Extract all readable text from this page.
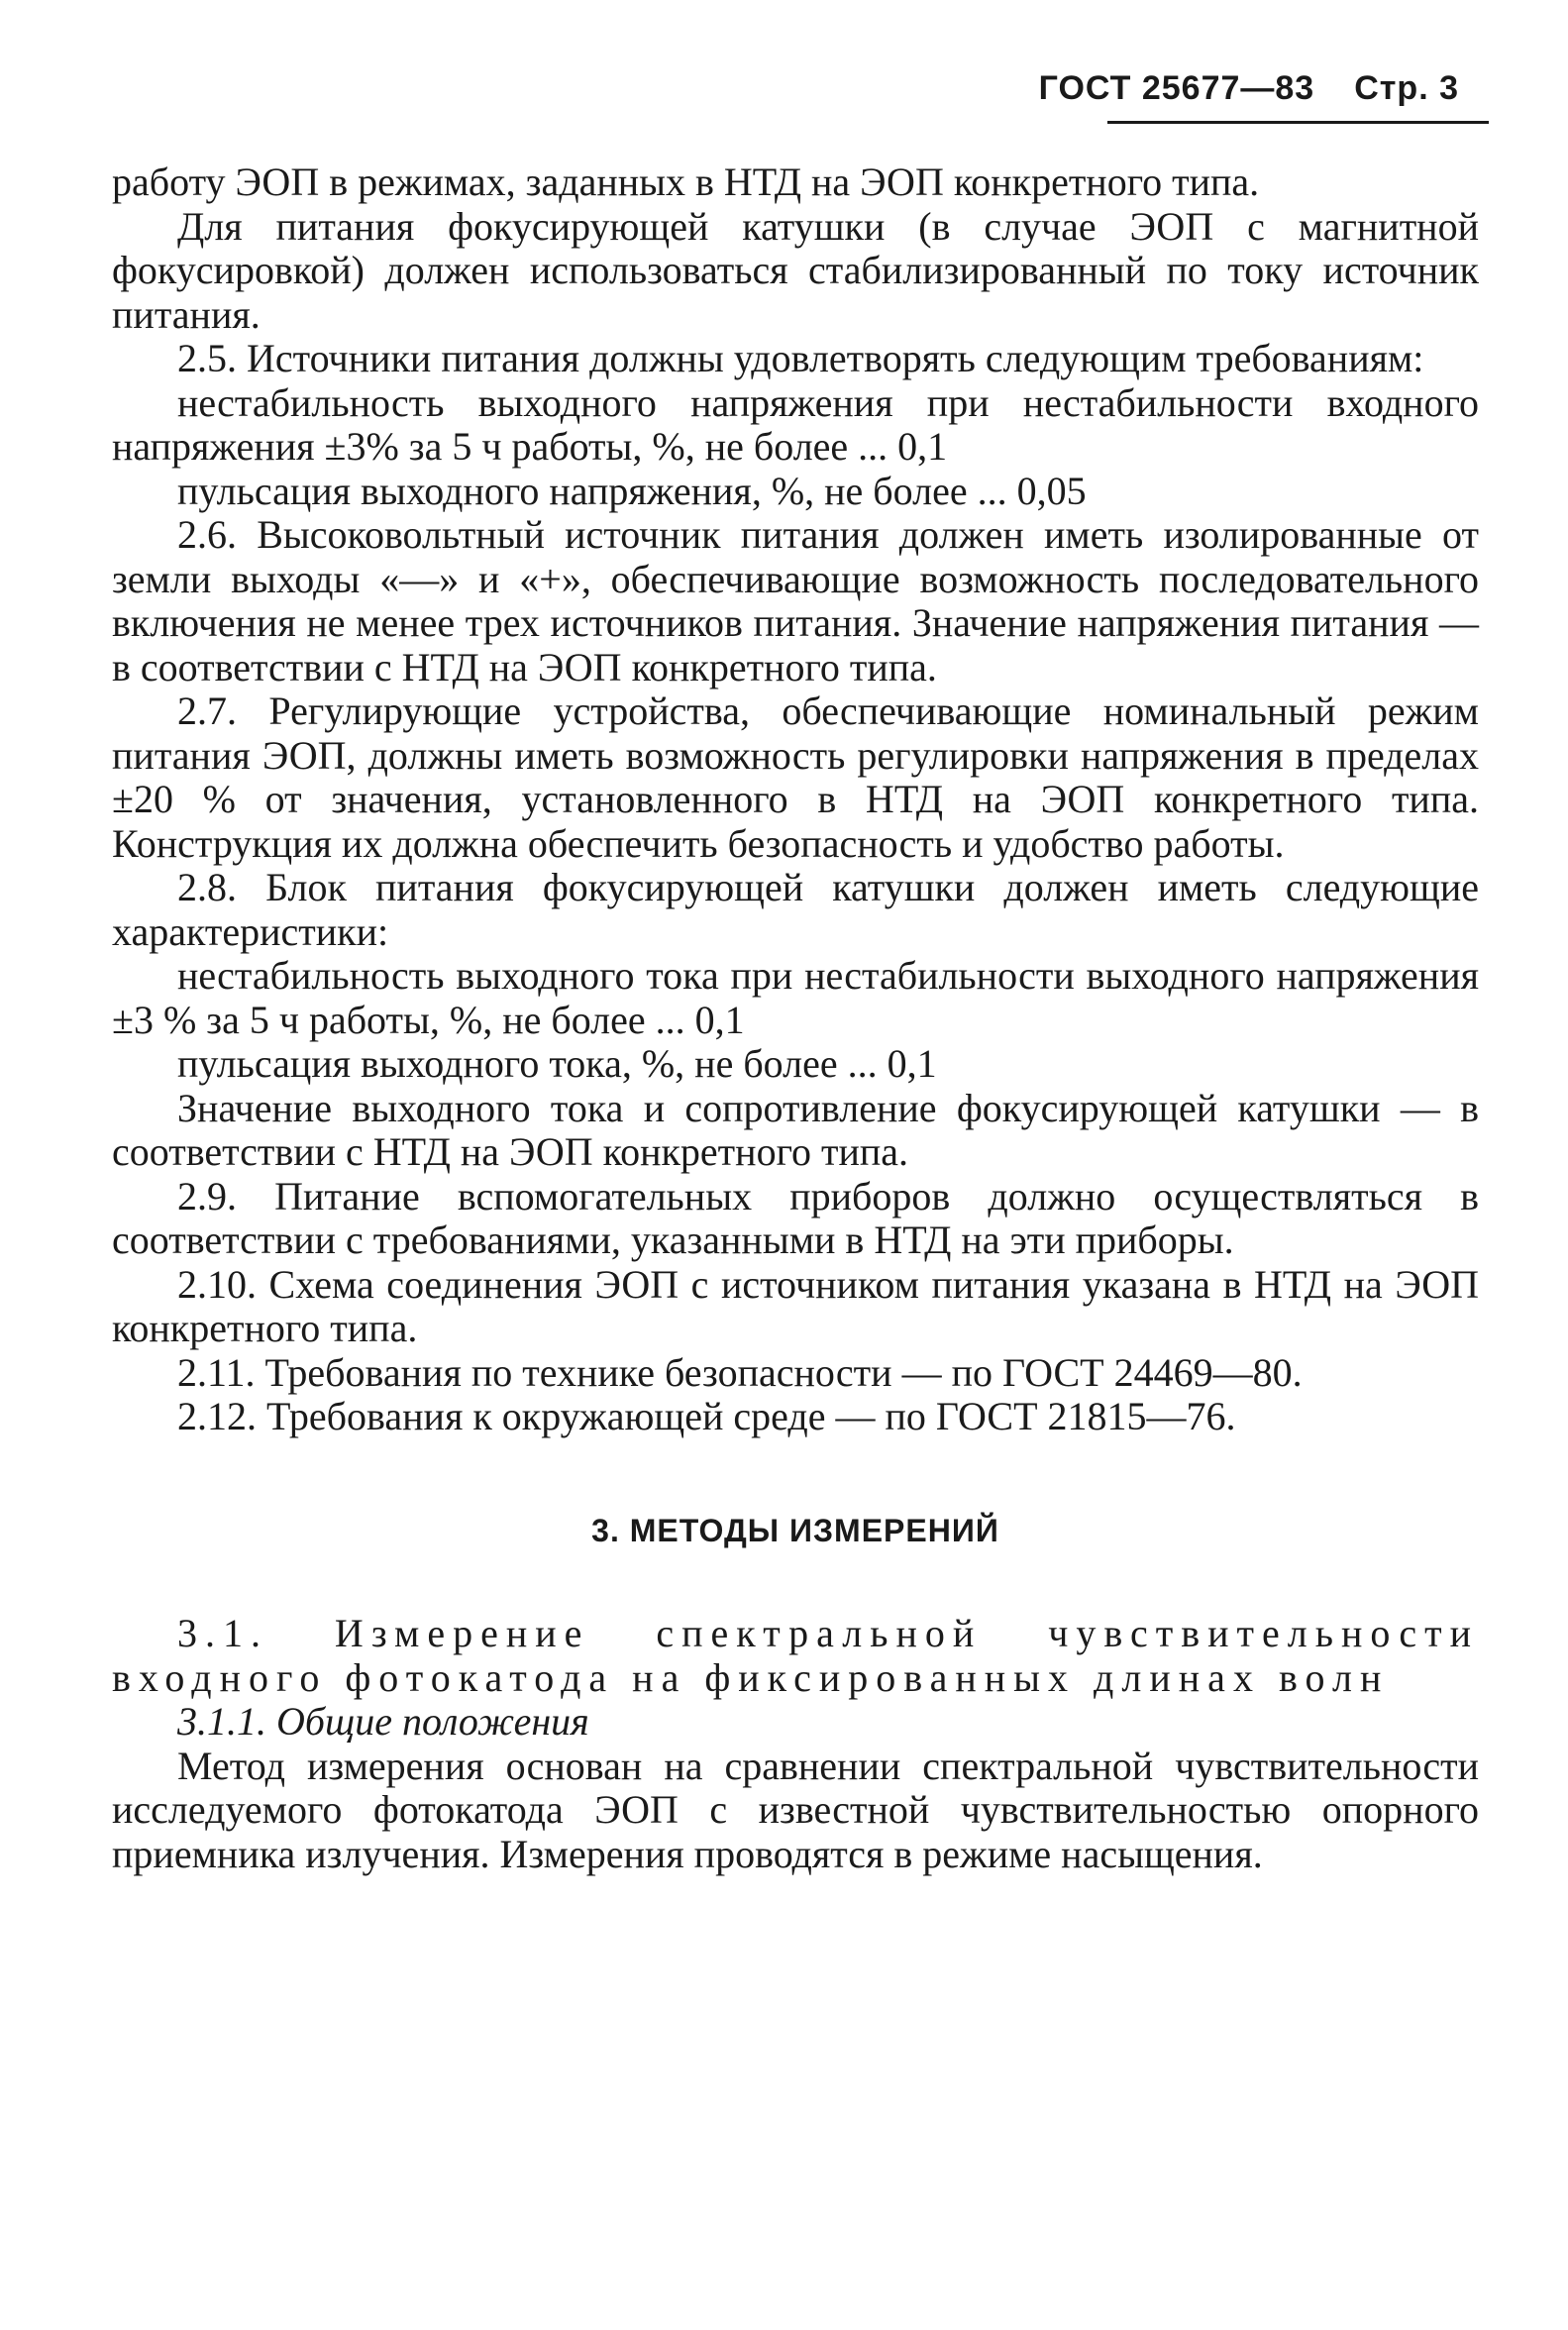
ГОСТ 25677—83 Стр. 3

работу ЭОП в режимах, заданных в НТД на ЭОП конкретного типа.

Для питания фокусирующей катушки (в случае ЭОП с магнитной фокусировкой) должен использоваться стабилизированный по току источник питания.

2.5. Источники питания должны удовлетворять следующим требованиям:

нестабильность выходного напряжения при нестабильности входного напряжения ±3% за 5 ч работы, %, не более ... 0,1

пульсация выходного напряжения, %, не более ... 0,05

2.6. Высоковольтный источник питания должен иметь изолированные от земли выходы «—» и «+», обеспечивающие возможность последовательного включения не менее трех источников питания. Значение напряжения питания — в соответствии с НТД на ЭОП конкретного типа.

2.7. Регулирующие устройства, обеспечивающие номинальный режим питания ЭОП, должны иметь возможность регулировки напряжения в пределах ±20 % от значения, установленного в НТД на ЭОП конкретного типа. Конструкция их должна обеспечить безопасность и удобство работы.

2.8. Блок питания фокусирующей катушки должен иметь следующие характеристики:

нестабильность выходного тока при нестабильности выходного напряжения ±3 % за 5 ч работы, %, не более ... 0,1

пульсация выходного тока, %, не более ... 0,1

Значение выходного тока и сопротивление фокусирующей катушки — в соответствии с НТД на ЭОП конкретного типа.

2.9. Питание вспомогательных приборов должно осуществляться в соответствии с требованиями, указанными в НТД на эти приборы.

2.10. Схема соединения ЭОП с источником питания указана в НТД на ЭОП конкретного типа.

2.11. Требования по технике безопасности — по ГОСТ 24469—80.

2.12. Требования к окружающей среде — по ГОСТ 21815—76.

3. МЕТОДЫ ИЗМЕРЕНИЙ

3.1. Измерение спектральной чувствительности входного фотокатода на фиксированных длинах волн

3.1.1. Общие положения

Метод измерения основан на сравнении спектральной чувствительности исследуемого фотокатода ЭОП с известной чувствительностью опорного приемника излучения. Измерения проводятся в режиме насыщения.
